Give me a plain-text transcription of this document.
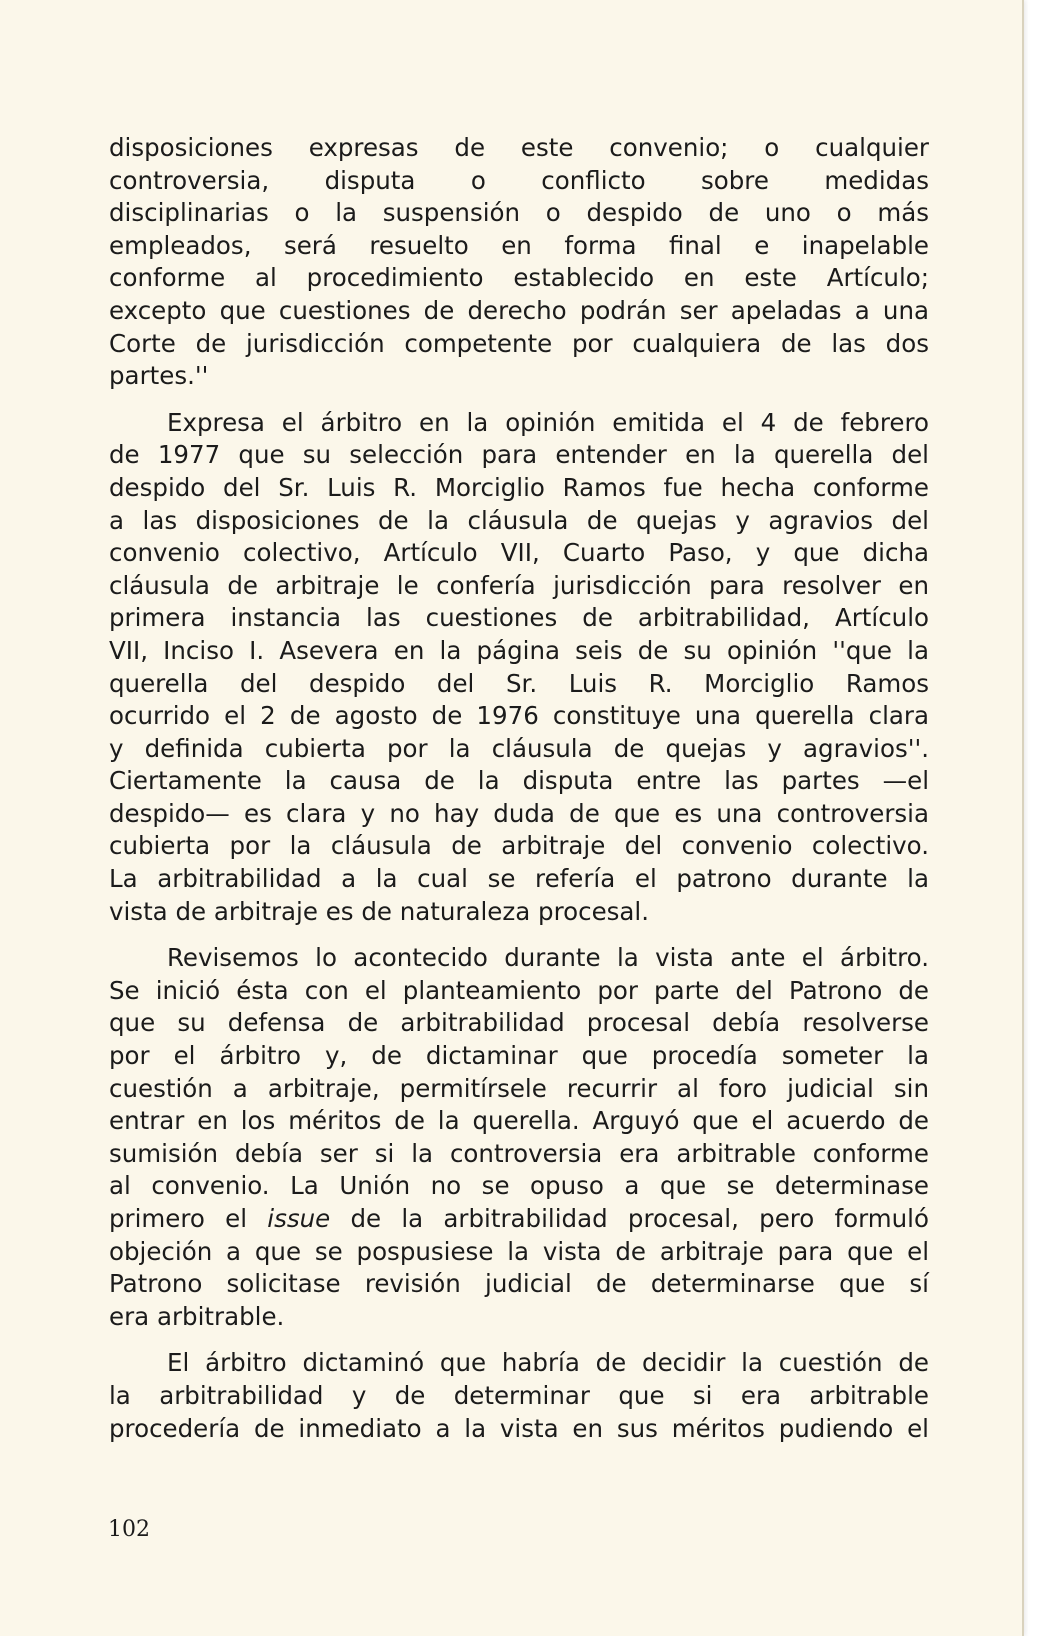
disposiciones expresas de este convenio; o cualquier
controversia, disputa o conflicto sobre medidas
disciplinarias o la suspensión o despido de uno o más
empleados, será resuelto en forma final e inapelable
conforme al procedimiento establecido en este Artículo;
excepto que cuestiones de derecho podrán ser apeladas a una
Corte de jurisdicción competente por cualquiera de las dos
partes.''

Expresa el árbitro en la opinión emitida el 4 de febrero
de 1977 que su selección para entender en la querella del
despido del Sr. Luis R. Morciglio Ramos fue hecha conforme
a las disposiciones de la cláusula de quejas y agravios del
convenio colectivo, Artículo VII, Cuarto Paso, y que dicha
cláusula de arbitraje le confería jurisdicción para resolver en
primera instancia las cuestiones de arbitrabilidad, Artículo
VII, Inciso I. Asevera en la página seis de su opinión ''que la
querella del despido del Sr. Luis R. Morciglio Ramos
ocurrido el 2 de agosto de 1976 constituye una querella clara
y definida cubierta por la cláusula de quejas y agravios''.
Ciertamente la causa de la disputa entre las partes —el
despido— es clara y no hay duda de que es una controversia
cubierta por la cláusula de arbitraje del convenio colectivo.
La arbitrabilidad a la cual se refería el patrono durante la
vista de arbitraje es de naturaleza procesal.

Revisemos lo acontecido durante la vista ante el árbitro.
Se inició ésta con el planteamiento por parte del Patrono de
que su defensa de arbitrabilidad procesal debía resolverse
por el árbitro y, de dictaminar que procedía someter la
cuestión a arbitraje, permitírsele recurrir al foro judicial sin
entrar en los méritos de la querella. Arguyó que el acuerdo de
sumisión debía ser si la controversia era arbitrable conforme
al convenio. La Unión no se opuso a que se determinase
primero el issue de la arbitrabilidad procesal, pero formuló
objeción a que se pospusiese la vista de arbitraje para que el
Patrono solicitase revisión judicial de determinarse que sí
era arbitrable.

El árbitro dictaminó que habría de decidir la cuestión de
la arbitrabilidad y de determinar que si era arbitrable
procedería de inmediato a la vista en sus méritos pudiendo el

102
